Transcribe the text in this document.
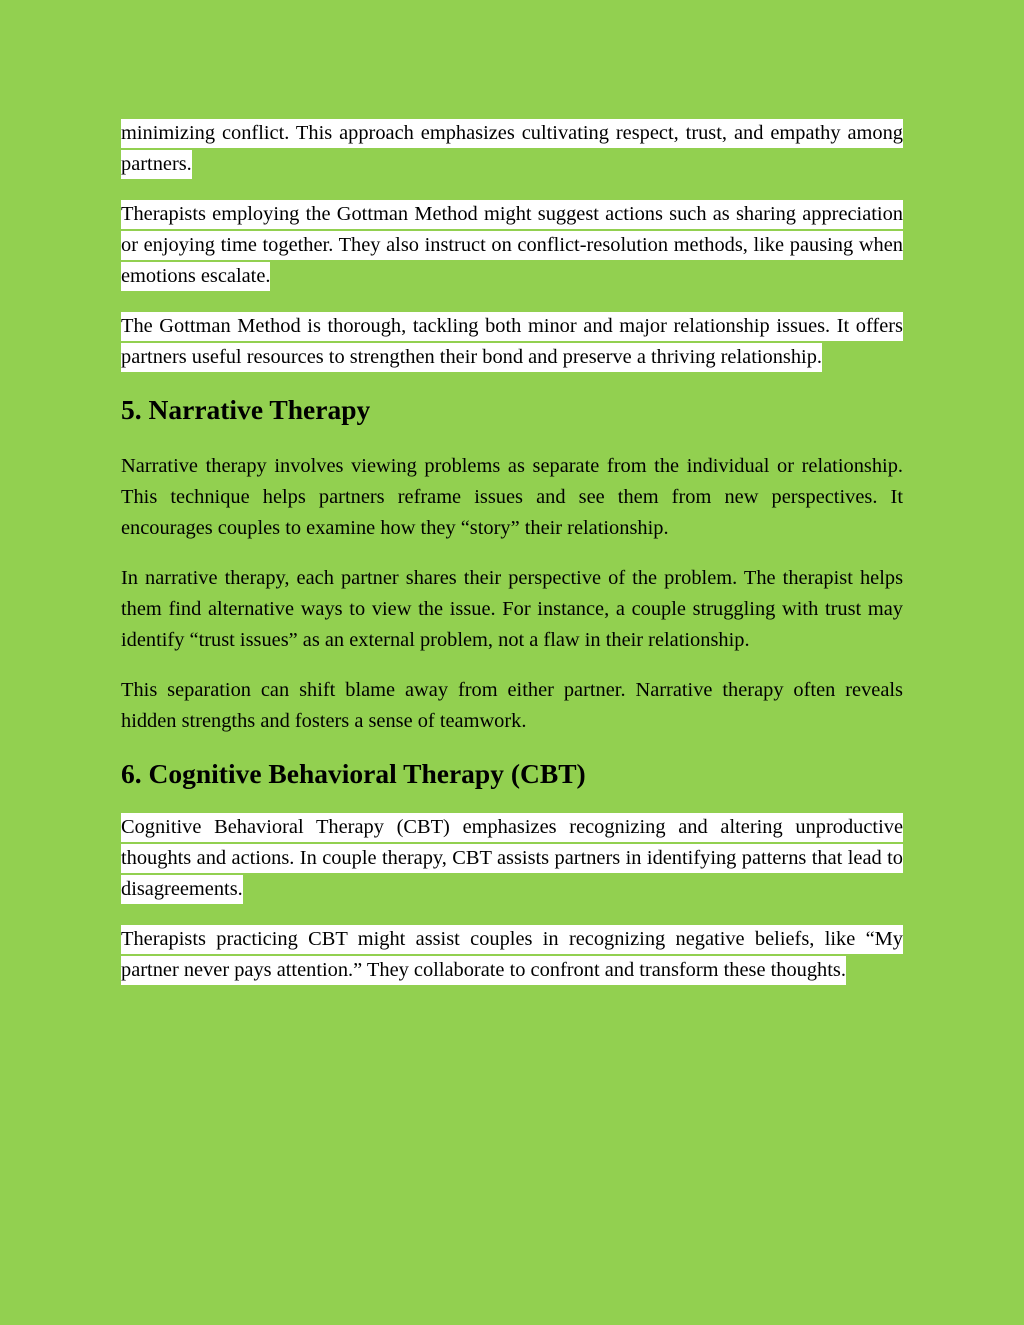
minimizing conflict. This approach emphasizes cultivating respect, trust, and empathy among partners.

Therapists employing the Gottman Method might suggest actions such as sharing appreciation or enjoying time together. They also instruct on conflict-resolution methods, like pausing when emotions escalate.

The Gottman Method is thorough, tackling both minor and major relationship issues. It offers partners useful resources to strengthen their bond and preserve a thriving relationship.

5. Narrative Therapy

Narrative therapy involves viewing problems as separate from the individual or relationship. This technique helps partners reframe issues and see them from new perspectives. It encourages couples to examine how they “story” their relationship.

In narrative therapy, each partner shares their perspective of the problem. The therapist helps them find alternative ways to view the issue. For instance, a couple struggling with trust may identify “trust issues” as an external problem, not a flaw in their relationship.

This separation can shift blame away from either partner. Narrative therapy often reveals hidden strengths and fosters a sense of teamwork.

6. Cognitive Behavioral Therapy (CBT)

Cognitive Behavioral Therapy (CBT) emphasizes recognizing and altering unproductive thoughts and actions. In couple therapy, CBT assists partners in identifying patterns that lead to disagreements.

Therapists practicing CBT might assist couples in recognizing negative beliefs, like “My partner never pays attention.” They collaborate to confront and transform these thoughts.
